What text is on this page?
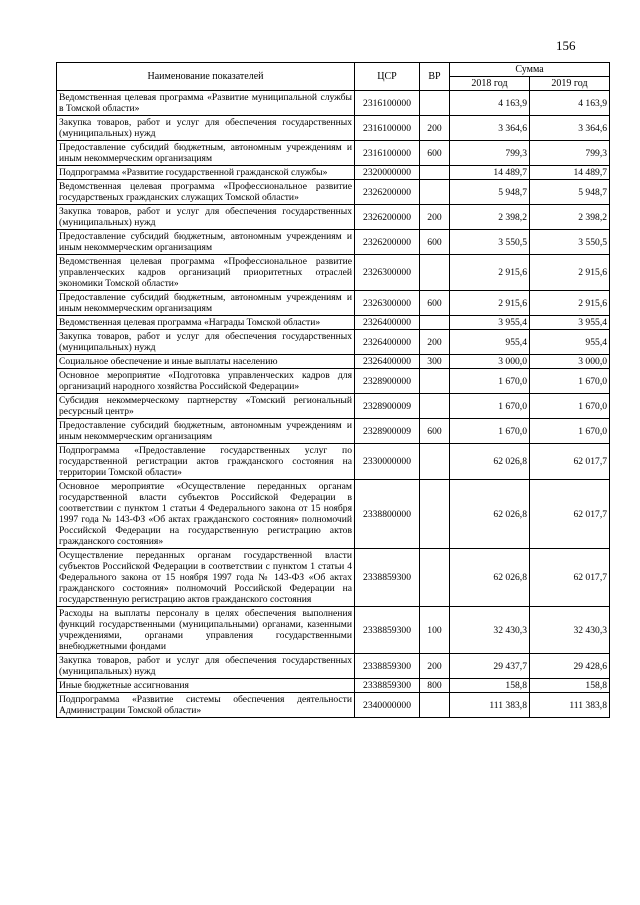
156
Наименование показателей	ЦСР	ВР	Сумма	
			2018 год	2019 год
Ведомственная целевая программа «Развитие муниципальной службы в Томской области»	2316100000		4 163,9	4 163,9
Закупка товаров, работ и услуг для обеспечения государственных (муниципальных) нужд	2316100000	200	3 364,6	3 364,6
Предоставление субсидий бюджетным, автономным учреждениям и иным некоммерческим организациям	2316100000	600	799,3	799,3
Подпрограмма «Развитие государственной гражданской службы»	2320000000		14 489,7	14 489,7
Ведомственная целевая программа «Профессиональное развитие государственых гражданских служащих Томской области»	2326200000		5 948,7	5 948,7
Закупка товаров, работ и услуг для обеспечения государственных (муниципальных) нужд	2326200000	200	2 398,2	2 398,2
Предоставление субсидий бюджетным, автономным учреждениям и иным некоммерческим организациям	2326200000	600	3 550,5	3 550,5
Ведомственная целевая программа «Профессиональное развитие управленческих кадров организаций приоритетных отраслей экономики Томской области»	2326300000		2 915,6	2 915,6
Предоставление субсидий бюджетным, автономным учреждениям и иным некоммерческим организациям	2326300000	600	2 915,6	2 915,6
Ведомственная целевая программа «Награды Томской области»	2326400000		3 955,4	3 955,4
Закупка товаров, работ и услуг для обеспечения государственных (муниципальных) нужд	2326400000	200	955,4	955,4
Социальное обеспечение и иные выплаты населению	2326400000	300	3 000,0	3 000,0
Основное мероприятие «Подготовка управленческих кадров для организаций народного хозяйства Российской Федерации»	2328900000		1 670,0	1 670,0
Субсидия некоммерческому партнерству «Томский региональный ресурсный центр»	2328900009		1 670,0	1 670,0
Предоставление субсидий бюджетным, автономным учреждениям и иным некоммерческим организациям	2328900009	600	1 670,0	1 670,0
Подпрограмма «Предоставление государственных услуг по государственной регистрации актов гражданского состояния на территории Томской области»	2330000000		62 026,8	62 017,7
Основное мероприятие «Осуществление переданных органам государственной власти субъектов Российской Федерации в соответствии с пунктом 1 статьи 4 Федерального закона от 15 ноября 1997 года № 143-ФЗ «Об актах гражданского состояния» полномочий Российской Федерации на государственную регистрацию актов гражданского состояния»	2338800000		62 026,8	62 017,7
Осуществление переданных органам государственной власти субъектов Российской Федерации в соответствии с пунктом 1 статьи 4 Федерального закона от 15 ноября 1997 года № 143-ФЗ «Об актах гражданского состояния» полномочий Российской Федерации на государственную регистрацию актов гражданского состояния	2338859300		62 026,8	62 017,7
Расходы на выплаты персоналу в целях обеспечения выполнения функций государственными (муниципальными) органами, казенными учреждениями, органами управления государственными внебюджетными фондами	2338859300	100	32 430,3	32 430,3
Закупка товаров, работ и услуг для обеспечения государственных (муниципальных) нужд	2338859300	200	29 437,7	29 428,6
Иные бюджетные ассигнования	2338859300	800	158,8	158,8
Подпрограмма «Развитие системы обеспечения деятельности Администрации Томской области»	2340000000		111 383,8	111 383,8
